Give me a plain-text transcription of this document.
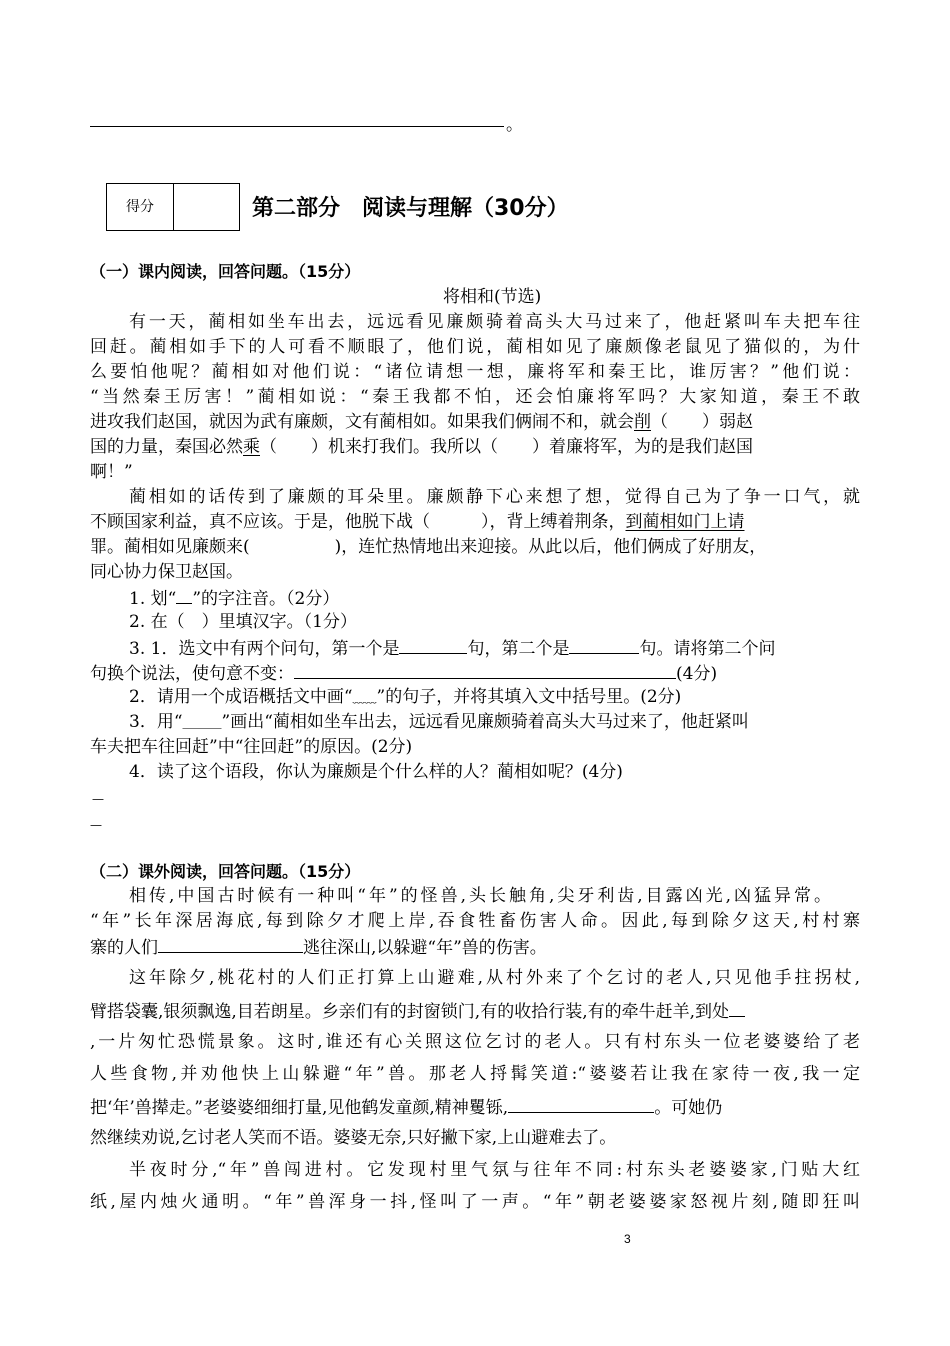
。
得分	第二部分　阅读与理解（30分）
（一）课内阅读，回答问题。（15分）
将相和(节选)
有一天，蔺相如坐车出去，远远看见廉颇骑着高头大马过来了，他赶紧叫车夫把车往
回赶。蔺相如手下的人可看不顺眼了，他们说，蔺相如见了廉颇像老鼠见了猫似的，为什
么要怕他呢？蔺相如对他们说：“诸位请想一想，廉将军和秦王比，谁厉害？”他们说：
“当然秦王厉害！”蔺相如说：“秦王我都不怕，还会怕廉将军吗？大家知道，秦王不敢
进攻我们赵国，就因为武有廉颇，文有蔺相如。如果我们俩闹不和，就会削（　　）弱赵
国的力量，秦国必然乘（　　）机来打我们。我所以（　　）着廉将军，为的是我们赵国
啊！”
蔺相如的话传到了廉颇的耳朵里。廉颇静下心来想了想，觉得自己为了争一口气，就
不顾国家利益，真不应该。于是，他脱下战（　　　），背上缚着荆条，到蔺相如门上请
罪。蔺相如见廉颇来(　　　　　)，连忙热情地出来迎接。从此以后，他们俩成了好朋友，
同心协力保卫赵国。
1. 划“ ”的字注音。（2分）
2. 在（　）里填汉字。（1分）
3. 1．选文中有两个问句，第一个是	句，第二个是	句。请将第二个问
句换个说法，使句意不变：	(4分)
2．请用一个成语概括文中画“﹏﹏”的句子，并将其填入文中括号里。(2分)
3．用“＿＿＿”画出“蔺相如坐车出去，远远看见廉颇骑着高头大马过来了，他赶紧叫
车夫把车往回赶”中“往回赶”的原因。(2分)
4．读了这个语段，你认为廉颇是个什么样的人？蔺相如呢？(4分)
—
—
（二）课外阅读，回答问题。（15分）
相传,中国古时候有一种叫“年”的怪兽,头长触角,尖牙利齿,目露凶光,凶猛异常。
“年”长年深居海底,每到除夕才爬上岸,吞食牲畜伤害人命。因此,每到除夕这天,村村寨
寨的人们	逃往深山,以躲避“年”兽的伤害。
这年除夕,桃花村的人们正打算上山避难,从村外来了个乞讨的老人,只见他手拄拐杖,
臂搭袋囊,银须飘逸,目若朗星。乡亲们有的封窗锁门,有的收拾行装,有的牵牛赶羊,到处
,一片匆忙恐慌景象。这时,谁还有心关照这位乞讨的老人。只有村东头一位老婆婆给了老
人些食物,并劝他快上山躲避“年”兽。那老人捋髯笑道:“婆婆若让我在家待一夜,我一定
把‘年’兽撵走。”老婆婆细细打量,见他鹤发童颜,精神矍铄,	。可她仍
然继续劝说,乞讨老人笑而不语。婆婆无奈,只好撇下家,上山避难去了。
半夜时分,“年”兽闯进村。它发现村里气氛与往年不同:村东头老婆婆家,门贴大红
纸,屋内烛火通明。“年”兽浑身一抖,怪叫了一声。“年”朝老婆婆家怒视片刻,随即狂叫
3
